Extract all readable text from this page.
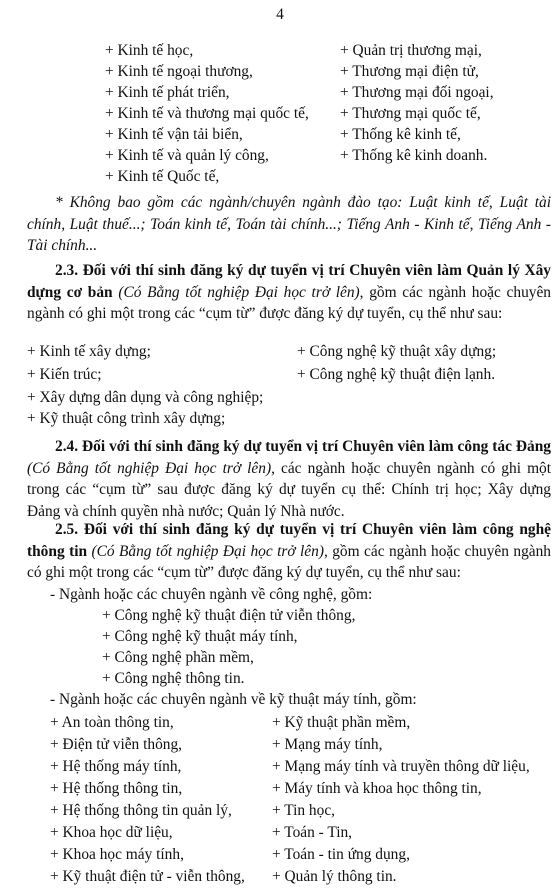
4
+ Kinh tế học,
+ Kinh tế ngoại thương,
+ Kinh tế phát triển,
+ Kinh tế và thương mại quốc tế,
+ Kinh tế vận tải biển,
+ Kinh tế và quản lý công,
+ Kinh tế Quốc tế,
+ Quản trị thương mại,
+ Thương mại điện tử,
+ Thương mại đối ngoại,
+ Thương mại quốc tế,
+ Thống kê kinh tế,
+ Thống kê kinh doanh.
* Không bao gồm các ngành/chuyên ngành đào tạo: Luật kinh tế, Luật tài chính, Luật thuế...; Toán kinh tế, Toán tài chính...; Tiếng Anh - Kinh tế, Tiếng Anh - Tài chính...
2.3. Đối với thí sinh đăng ký dự tuyển vị trí Chuyên viên làm Quản lý Xây dựng cơ bản (Có Bằng tốt nghiệp Đại học trở lên), gồm các ngành hoặc chuyên ngành có ghi một trong các “cụm từ” được đăng ký dự tuyển, cụ thể như sau:
+ Kinh tế xây dựng;
+ Kiến trúc;
+ Công nghệ kỹ thuật xây dựng;
+ Công nghệ kỹ thuật điện lạnh.
+ Xây dựng dân dụng và công nghiệp;
+ Kỹ thuật công trình xây dựng;
2.4. Đối với thí sinh đăng ký dự tuyển vị trí Chuyên viên làm công tác Đảng (Có Bằng tốt nghiệp Đại học trở lên), các ngành hoặc chuyên ngành có ghi một trong các “cụm từ” sau được đăng ký dự tuyển cụ thể: Chính trị học; Xây dựng Đảng và chính quyền nhà nước; Quản lý Nhà nước.
2.5. Đối với thí sinh đăng ký dự tuyển vị trí Chuyên viên làm công nghệ thông tin (Có Bằng tốt nghiệp Đại học trở lên), gồm các ngành hoặc chuyên ngành có ghi một trong các “cụm từ” được đăng ký dự tuyển, cụ thể như sau:
- Ngành hoặc các chuyên ngành về công nghệ, gồm:
+ Công nghệ kỹ thuật điện tử viễn thông,
+ Công nghệ kỹ thuật máy tính,
+ Công nghệ phần mềm,
+ Công nghệ thông tin.
- Ngành hoặc các chuyên ngành về kỹ thuật máy tính, gồm:
+ An toàn thông tin,
+ Điện tử viễn thông,
+ Hệ thống máy tính,
+ Hệ thống thông tin,
+ Hệ thống thông tin quản lý,
+ Khoa học dữ liệu,
+ Khoa học máy tính,
+ Kỹ thuật điện tử - viễn thông,
+ Kỹ thuật phần mềm,
+ Mạng máy tính,
+ Mạng máy tính và truyền thông dữ liệu,
+ Máy tính và khoa học thông tin,
+ Tin học,
+ Toán - Tin,
+ Toán - tin ứng dụng,
+ Quản lý thông tin.
